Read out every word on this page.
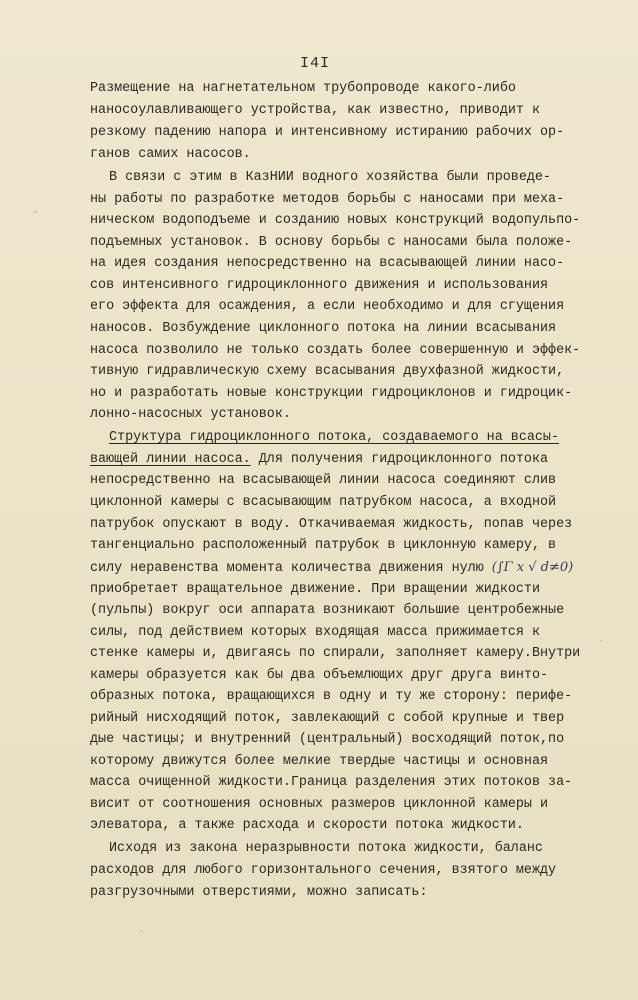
I4I
Размещение на нагнетательном трубопроводе какого-либо
наносоулавливающего устройства, как известно, приводит к
резкому падению напора и интенсивному истиранию рабочих ор-
ганов самих насосов.
В связи с этим в КазНИИ водного хозяйства были проведе-
ны работы по разработке методов борьбы с наносами при меха-
ническом водоподъеме и созданию новых конструкций водопульпо-
подъемных установок. В основу борьбы с наносами была положе-
на идея создания непосредственно на всасывающей линии насо-
сов интенсивного гидроциклонного движения и использования
его эффекта для осаждения, а если необходимо и для сгущения
наносов. Возбуждение циклонного потока на линии всасывания
насоса позволило не только создать более совершенную и эффек-
тивную гидравлическую схему всасывания двухфазной жидкости,
но и разработать новые конструкции гидроциклонов и гидроцик-
лонно-насосных установок.
Структура гидроциклонного потока, создаваемого на всасы-
вающей линии насоса. Для получения гидроциклонного потока
непосредственно на всасывающей линии насоса соединяют слив
циклонной камеры с всасывающим патрубком насоса, а входной
патрубок опускают в воду. Откачиваемая жидкость, попав через
тангенциально расположенный патрубок в циклонную камеру, в
силу неравенства момента количества движения нулю (∫Γ x √ d≠0)
приобретает вращательное движение. При вращении жидкости
(пульпы) вокруг оси аппарата возникают большие центробежные
силы, под действием которых входящая масса прижимается к
стенке камеры и, двигаясь по спирали, заполняет камеру.Внутри
камеры образуется как бы два объемлющих друг друга винто-
образных потока, вращающихся в одну и ту же сторону: перифе-
рийный нисходящий поток, завлекающий с собой крупные и твер
дые частицы; и внутренний (центральный) восходящий поток,по
которому движутся более мелкие твердые частицы и основная
масса очищенной жидкости.Граница разделения этих потоков за-
висит от соотношения основных размеров циклонной камеры и
элеватора, а также расхода и скорости потока жидкости.
Исходя из закона неразрывности потока жидкости, баланс
расходов для любого горизонтального сечения, взятого между
разгрузочными отверстиями, можно записать:
